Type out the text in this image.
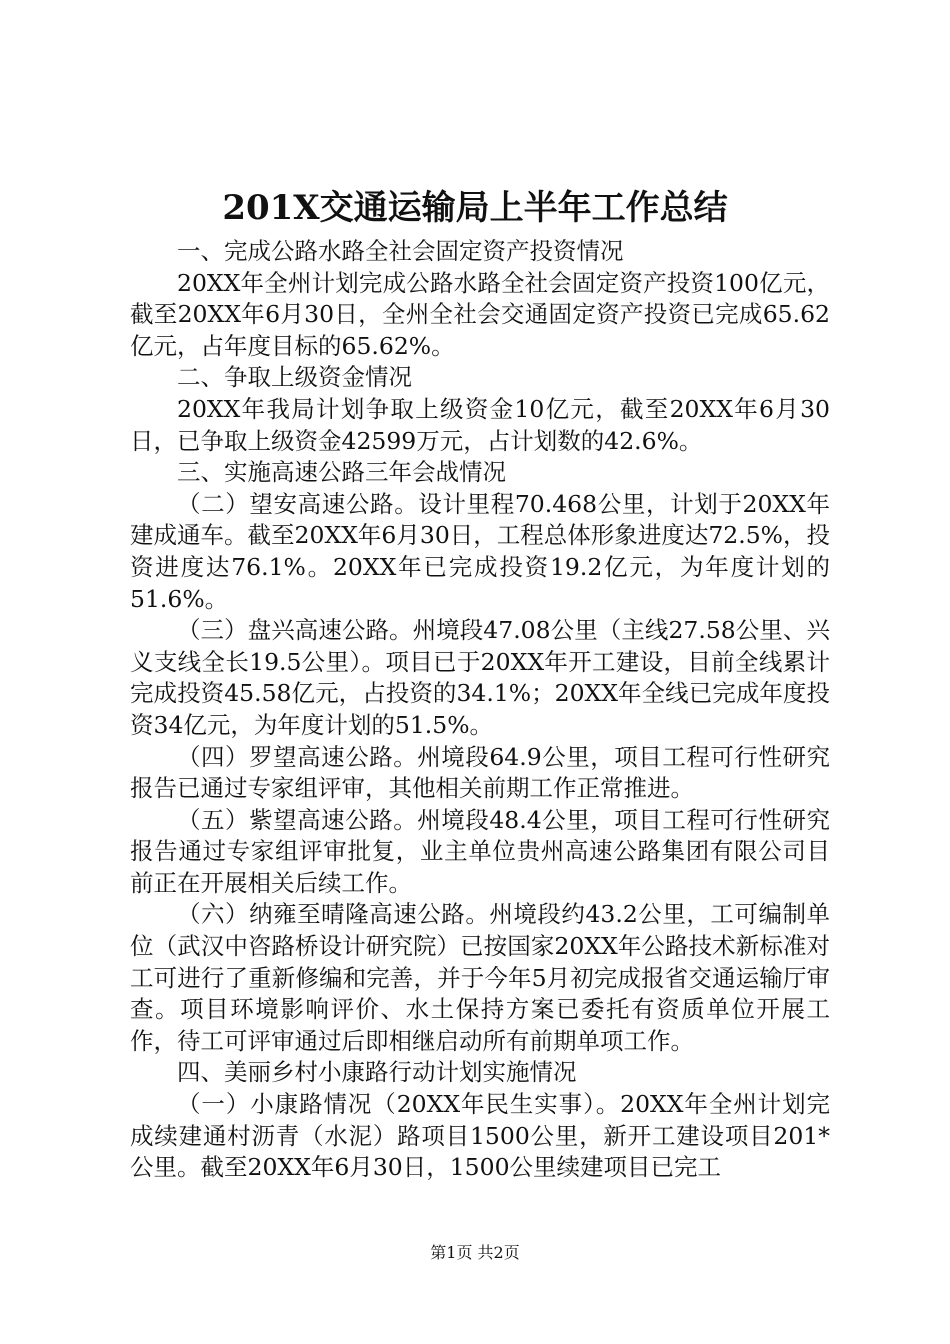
201X交通运输局上半年工作总结

一、完成公路水路全社会固定资产投资情况

20XX年全州计划完成公路水路全社会固定资产投资100亿元，截至20XX年6月30日，全州全社会交通固定资产投资已完成65.62亿元，占年度目标的65.62%。

二、争取上级资金情况

20XX年我局计划争取上级资金10亿元，截至20XX年6月30日，已争取上级资金42599万元，占计划数的42.6%。

三、实施高速公路三年会战情况

（二）望安高速公路。设计里程70.468公里，计划于20XX年建成通车。截至20XX年6月30日，工程总体形象进度达72.5%，投资进度达76.1%。20XX年已完成投资19.2亿元，为年度计划的51.6%。

（三）盘兴高速公路。州境段47.08公里（主线27.58公里、兴义支线全长19.5公里）。项目已于20XX年开工建设，目前全线累计完成投资45.58亿元，占投资的34.1%；20XX年全线已完成年度投资34亿元，为年度计划的51.5%。

（四）罗望高速公路。州境段64.9公里，项目工程可行性研究报告已通过专家组评审，其他相关前期工作正常推进。

（五）紫望高速公路。州境段48.4公里，项目工程可行性研究报告通过专家组评审批复，业主单位贵州高速公路集团有限公司目前正在开展相关后续工作。

（六）纳雍至晴隆高速公路。州境段约43.2公里，工可编制单位（武汉中咨路桥设计研究院）已按国家20XX年公路技术新标准对工可进行了重新修编和完善，并于今年5月初完成报省交通运输厅审查。项目环境影响评价、水土保持方案已委托有资质单位开展工作，待工可评审通过后即相继启动所有前期单项工作。

四、美丽乡村小康路行动计划实施情况

（一）小康路情况（20XX年民生实事）。20XX年全州计划完成续建通村沥青（水泥）路项目1500公里，新开工建设项目201*公里。截至20XX年6月30日，1500公里续建项目已完工

第1页 共2页
